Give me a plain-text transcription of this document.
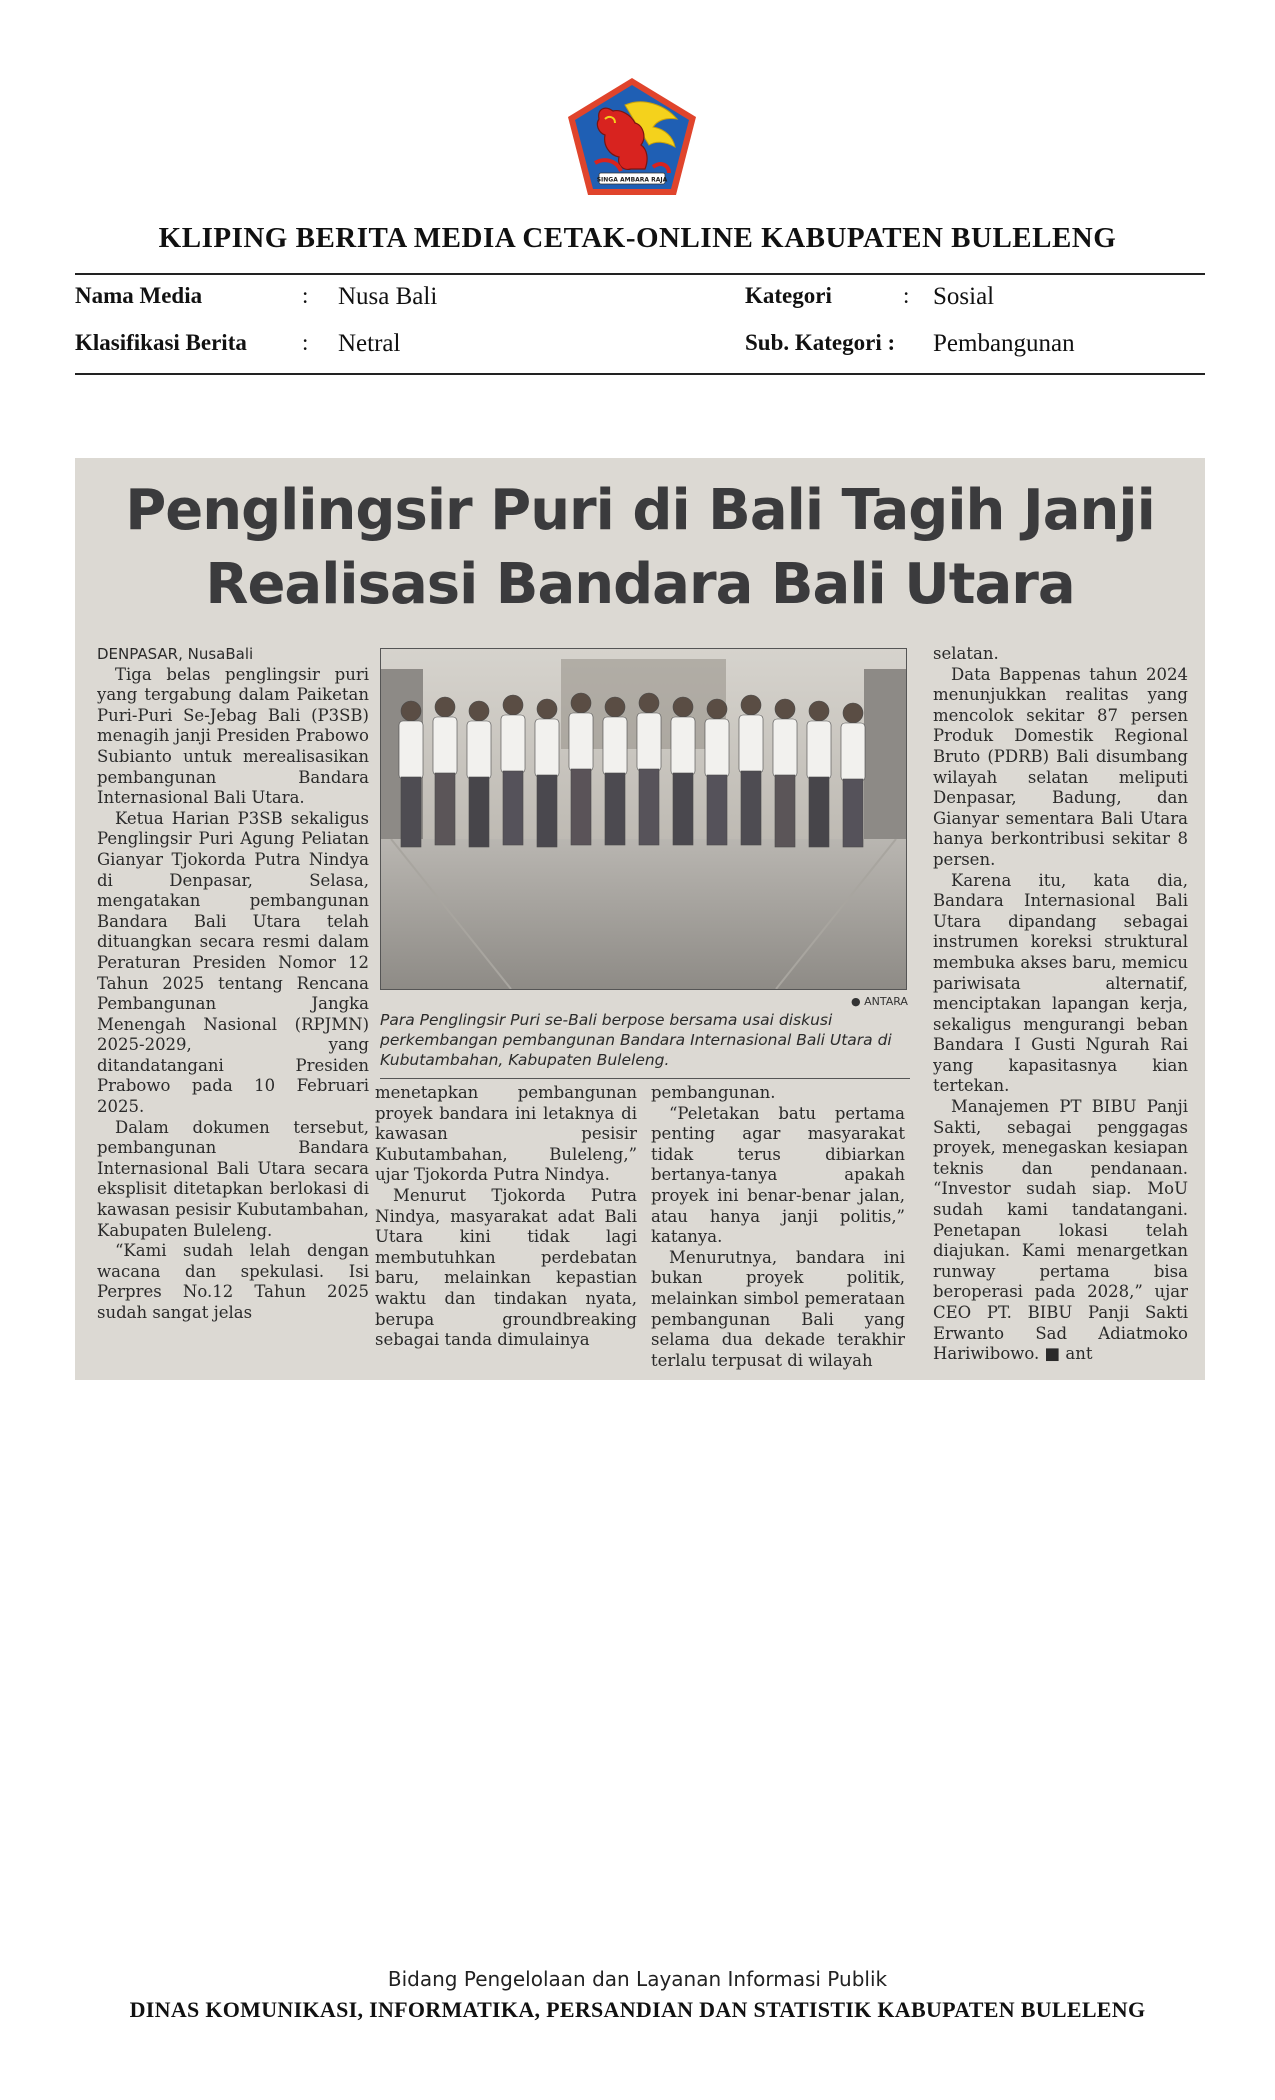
SINGA AMBARA RAJA
KLIPING BERITA MEDIA CETAK-ONLINE KABUPATEN BULELENG
Nama Media	: Nusa Bali	Kategori	: Sosial
Klasifikasi Berita : Netral	Sub. Kategori : Pembangunan
Penglingsir Puri di Bali Tagih Janji
Realisasi Bandara Bali Utara
DENPASAR, NusaBali

Tiga belas penglingsir puri yang tergabung dalam Paiketan Puri-Puri Se-Jebag Bali (P3SB) menagih janji Presiden Prabowo Subianto untuk merealisasikan pembangunan Bandara Internasional Bali Utara.

Ketua Harian P3SB sekaligus Penglingsir Puri Agung Peliatan Gianyar Tjokorda Putra Nindya di Denpasar, Selasa, mengatakan pembangunan Bandara Bali Utara telah dituangkan secara resmi dalam Peraturan Presiden Nomor 12 Tahun 2025 tentang Rencana Pembangunan Jangka Menengah Nasional (RPJMN) 2025-2029, yang ditandatangani Presiden Prabowo pada 10 Februari 2025.

Dalam dokumen tersebut, pembangunan Bandara Internasional Bali Utara secara eksplisit ditetapkan berlokasi di kawasan pesisir Kubutambahan, Kabupaten Buleleng.

“Kami sudah lelah dengan wacana dan spekulasi. Isi Perpres No.12 Tahun 2025 sudah sangat jelas

● ANTARA
Para Penglingsir Puri se-Bali berpose bersama usai diskusi perkembangan pembangunan Bandara Internasional Bali Utara di Kubutambahan, Kabupaten Buleleng.

menetapkan pembangunan proyek bandara ini letaknya di kawasan pesisir Kubutambahan, Buleleng,” ujar Tjokorda Putra Nindya.

Menurut Tjokorda Putra Nindya, masyarakat adat Bali Utara kini tidak lagi membutuhkan perdebatan baru, melainkan kepastian waktu dan tindakan nyata, berupa groundbreaking sebagai tanda dimulainya

pembangunan.

“Peletakan batu pertama penting agar masyarakat tidak terus dibiarkan bertanya-tanya apakah proyek ini benar-benar jalan, atau hanya janji politis,” katanya.

Menurutnya, bandara ini bukan proyek politik, melainkan simbol pemerataan pembangunan Bali yang selama dua dekade terakhir terlalu terpusat di wilayah

selatan.

Data Bappenas tahun 2024 menunjukkan realitas yang mencolok sekitar 87 persen Produk Domestik Regional Bruto (PDRB) Bali disumbang wilayah selatan meliputi Denpasar, Badung, dan Gianyar sementara Bali Utara hanya berkontribusi sekitar 8 persen.

Karena itu, kata dia, Bandara Internasional Bali Utara dipandang sebagai instrumen koreksi struktural membuka akses baru, memicu pariwisata alternatif, menciptakan lapangan kerja, sekaligus mengurangi beban Bandara I Gusti Ngurah Rai yang kapasitasnya kian tertekan.

Manajemen PT BIBU Panji Sakti, sebagai penggagas proyek, menegaskan kesiapan teknis dan pendanaan. “Investor sudah siap. MoU sudah kami tandatangani. Penetapan lokasi telah diajukan. Kami menargetkan runway pertama bisa beroperasi pada 2028,” ujar CEO PT. BIBU Panji Sakti Erwanto Sad Adiatmoko Hariwibowo. ■ ant

Bidang Pengelolaan dan Layanan Informasi Publik
DINAS KOMUNIKASI, INFORMATIKA, PERSANDIAN DAN STATISTIK KABUPATEN BULELENG
